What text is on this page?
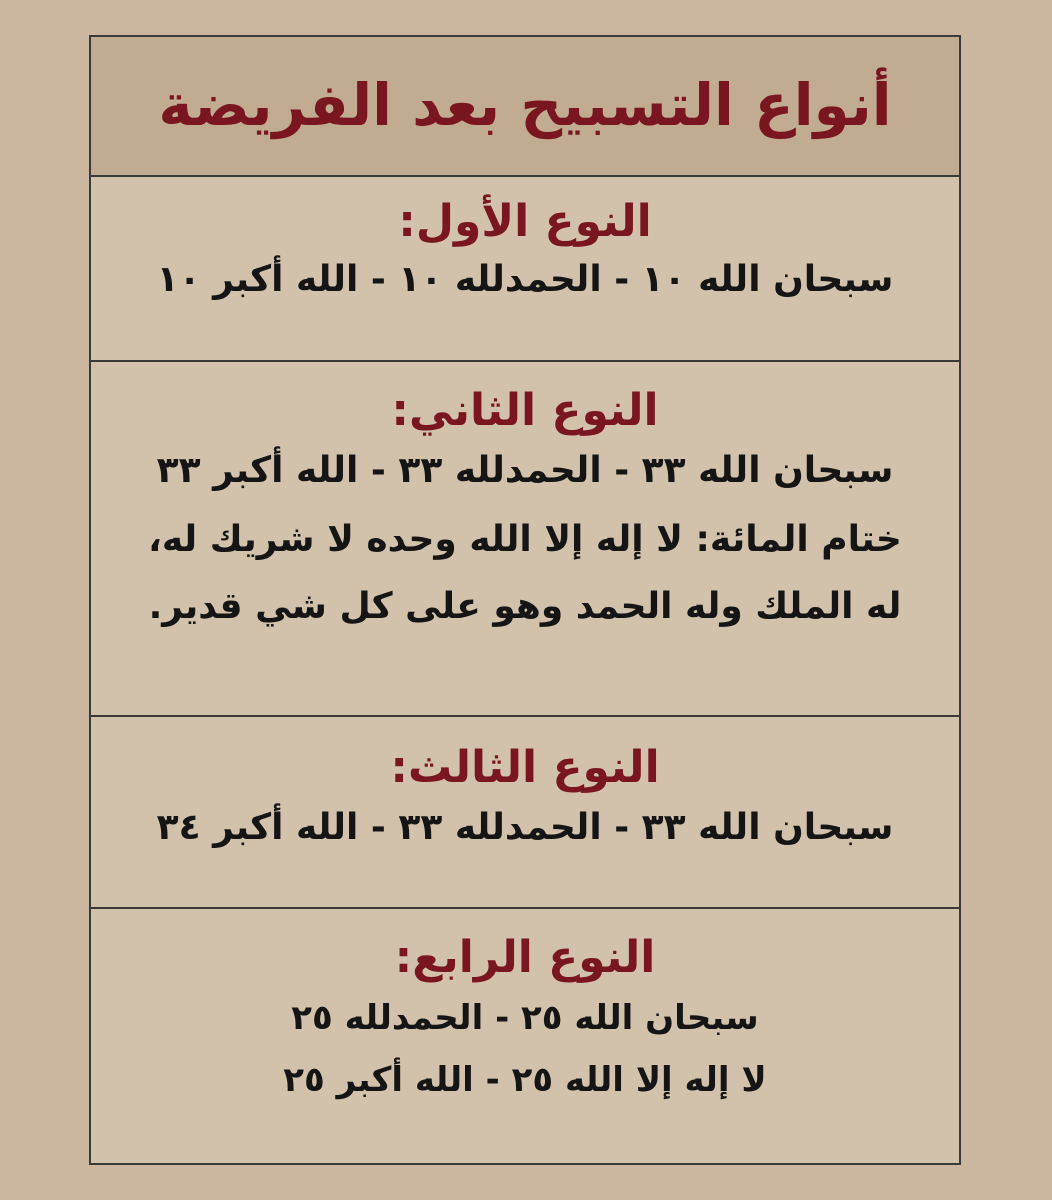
أنواع التسبيح بعد الفريضة
النوع الأول:
سبحان الله ١٠ - الحمدلله ١٠ - الله أكبر ١٠
النوع الثاني:
سبحان الله ٣٣ - الحمدلله ٣٣ - الله أكبر ٣٣
ختام المائة: لا إله إلا الله وحده لا شريك له،
له الملك وله الحمد وهو على كل شي قدير.
النوع الثالث:
سبحان الله ٣٣ - الحمدلله ٣٣ - الله أكبر ٣٤
النوع الرابع:
سبحان الله ٢٥ - الحمدلله ٢٥
لا إله إلا الله ٢٥ - الله أكبر ٢٥
